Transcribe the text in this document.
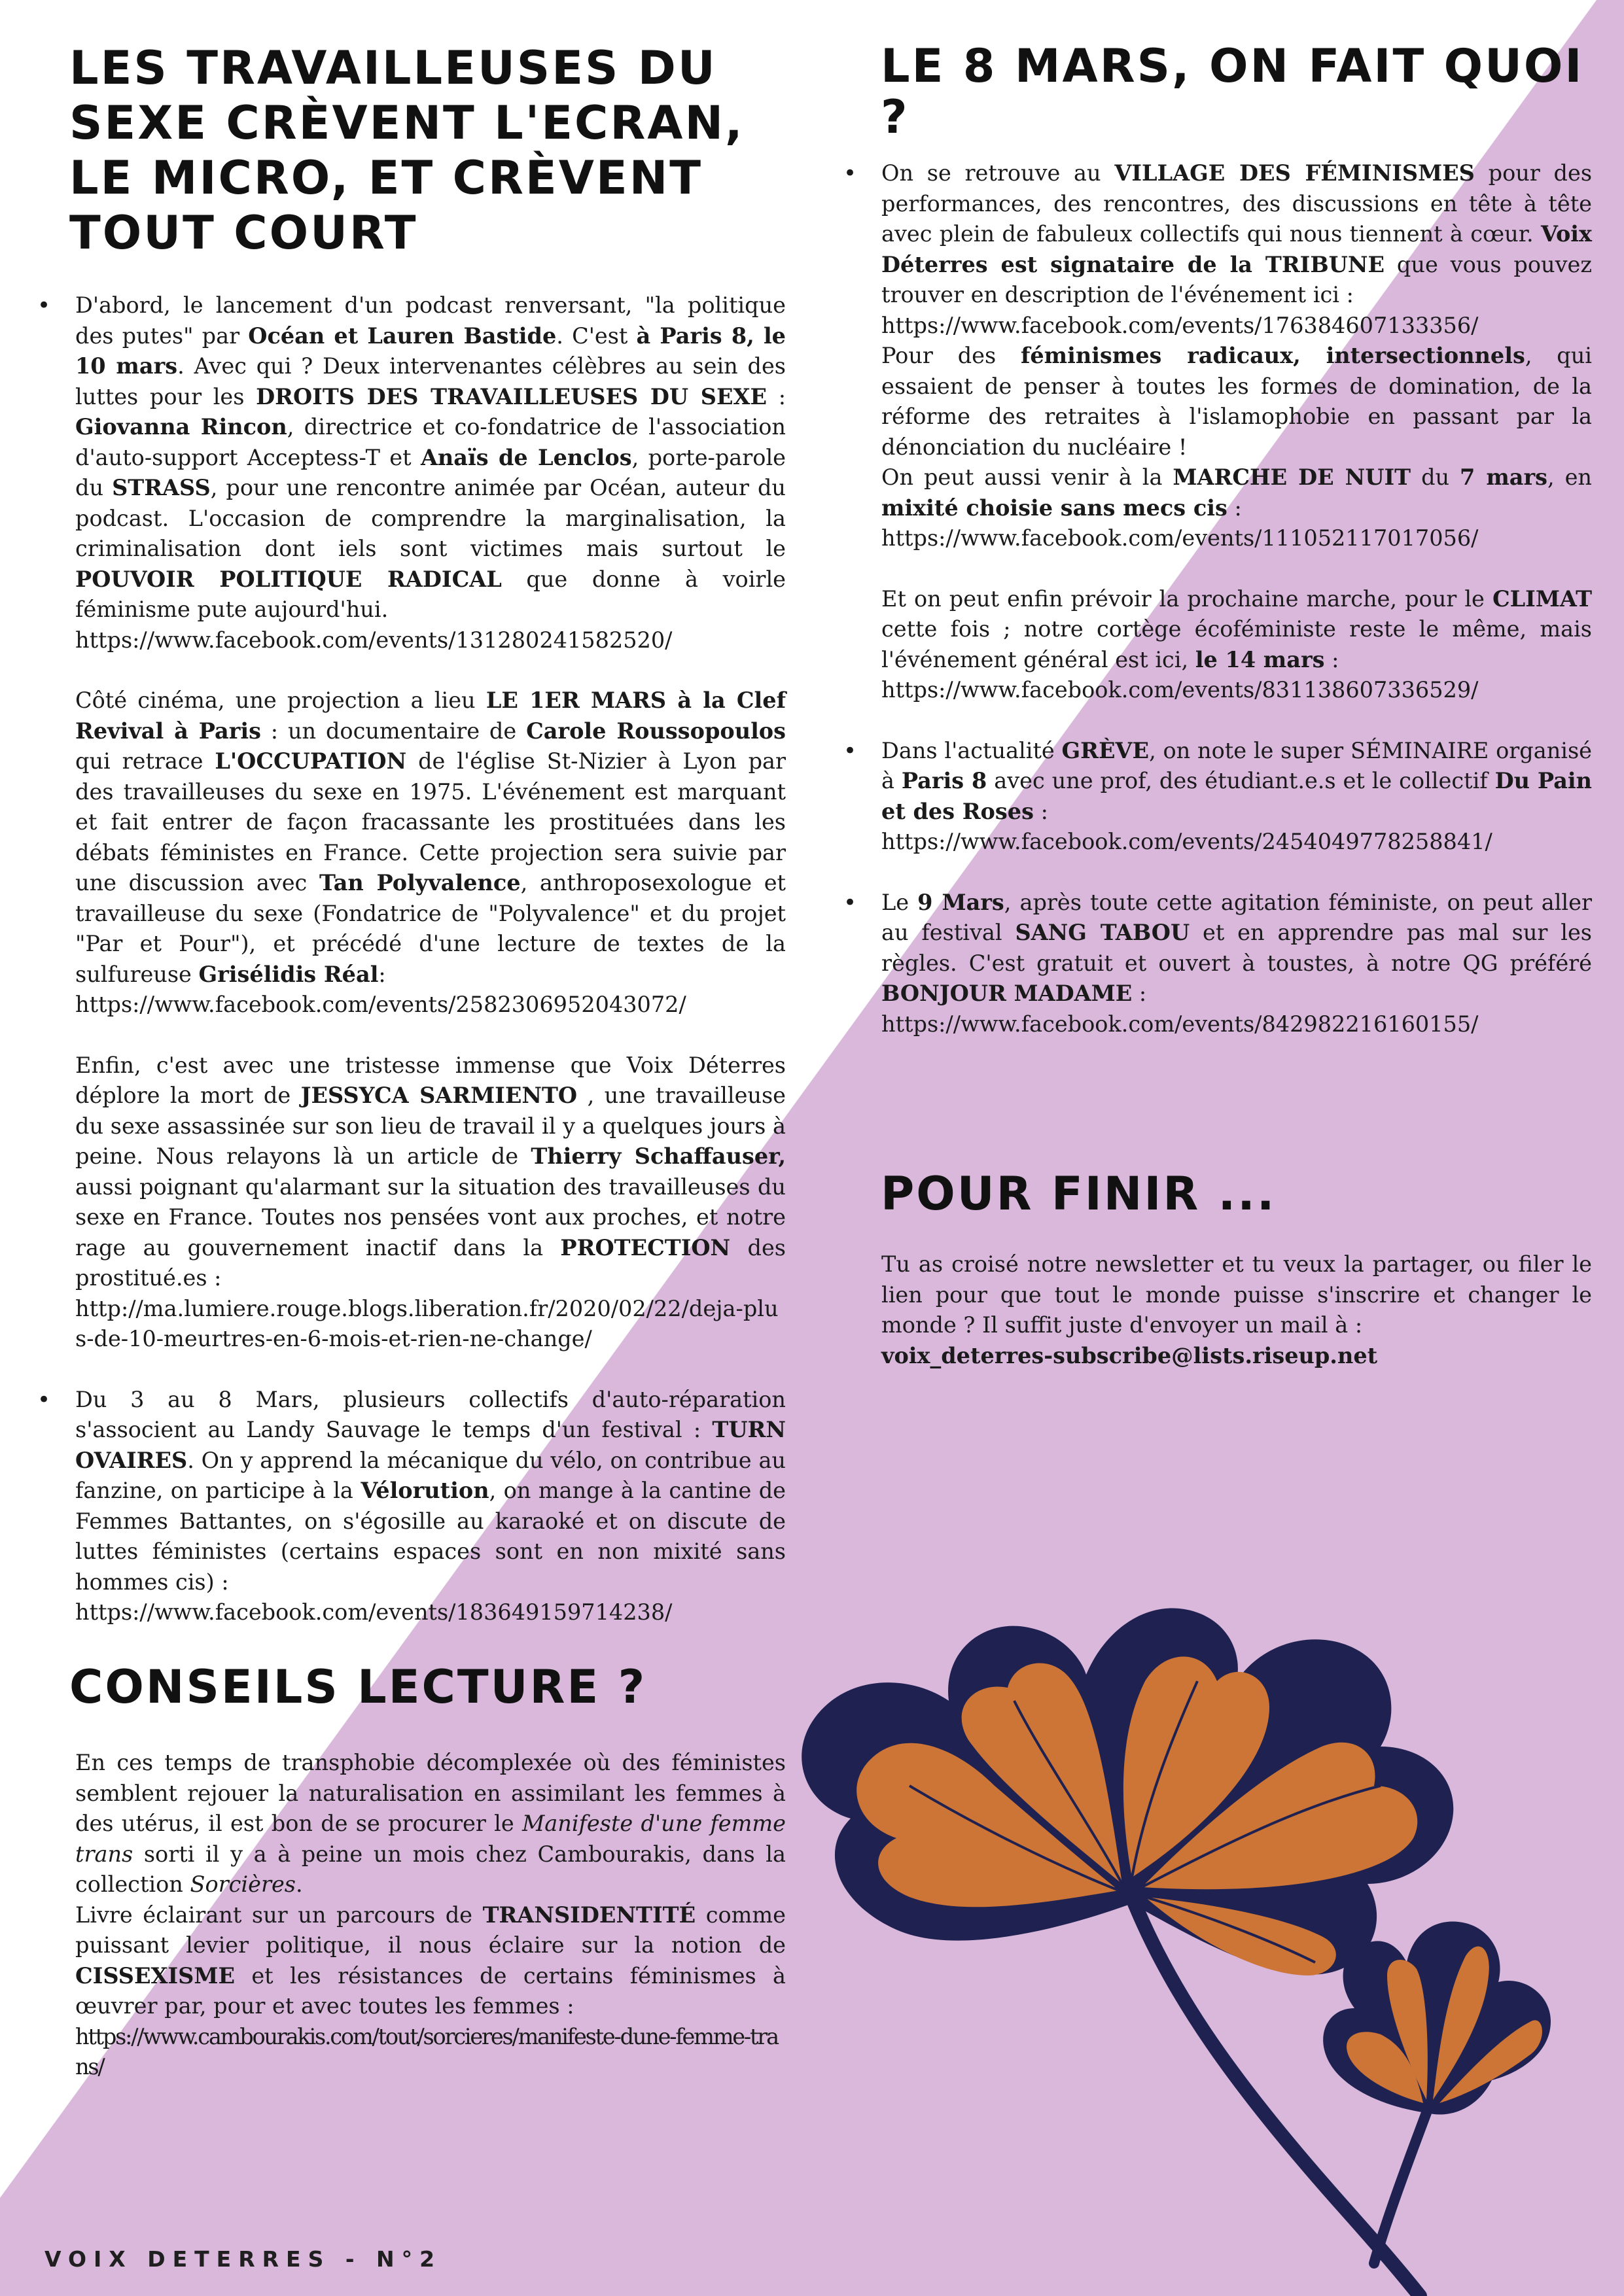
LES TRAVAILLEUSES DU
SEXE CRÈVENT L'ECRAN,
LE MICRO, ET CRÈVENT
TOUT COURT
• D'abord, le lancement d'un podcast renversant, "la politique des putes" par Océan et Lauren Bastide. C'est à Paris 8, le 10 mars. Avec qui ? Deux intervenantes célèbres au sein des luttes pour les DROITS DES TRAVAILLEUSES DU SEXE : Giovanna Rincon, directrice et co-fondatrice de l'association d'auto-support Acceptess-T et Anaïs de Lenclos, porte-parole du STRASS, pour une rencontre animée par Océan, auteur du podcast. L'occasion de comprendre la marginalisation, la criminalisation dont iels sont victimes mais surtout le POUVOIR POLITIQUE RADICAL que donne à voirle féminisme pute aujourd'hui.
https://www.facebook.com/events/131280241582520/
Côté cinéma, une projection a lieu LE 1ER MARS à la Clef Revival à Paris : un documentaire de Carole Roussopoulos qui retrace L'OCCUPATION de l'église St-Nizier à Lyon par des travailleuses du sexe en 1975. L'événement est marquant et fait entrer de façon fracassante les prostituées dans les débats féministes en France. Cette projection sera suivie par une discussion avec Tan Polyvalence, anthroposexologue et travailleuse du sexe (Fondatrice de "Polyvalence" et du projet "Par et Pour"), et précédé d'une lecture de textes de la sulfureuse Grisélidis Réal:
https://www.facebook.com/events/2582306952043072/
Enfin, c'est avec une tristesse immense que Voix Déterres déplore la mort de JESSYCA SARMIENTO , une travailleuse du sexe assassinée sur son lieu de travail il y a quelques jours à peine. Nous relayons là un article de Thierry Schaffauser, aussi poignant qu'alarmant sur la situation des travailleuses du sexe en France. Toutes nos pensées vont aux proches, et notre rage au gouvernement inactif dans la PROTECTION des prostitué.es :
http://ma.lumiere.rouge.blogs.liberation.fr/2020/02/22/deja-plus-de-10-meurtres-en-6-mois-et-rien-ne-change/
• Du 3 au 8 Mars, plusieurs collectifs d'auto-réparation s'associent au Landy Sauvage le temps d'un festival : TURN OVAIRES. On y apprend la mécanique du vélo, on contribue au fanzine, on participe à la Vélorution, on mange à la cantine de Femmes Battantes, on s'égosille au karaoké et on discute de luttes féministes (certains espaces sont en non mixité sans hommes cis) :
https://www.facebook.com/events/183649159714238/
CONSEILS LECTURE ?
En ces temps de transphobie décomplexée où des féministes semblent rejouer la naturalisation en assimilant les femmes à des utérus, il est bon de se procurer le Manifeste d'une femme trans sorti il y a à peine un mois chez Cambourakis, dans la collection Sorcières.
Livre éclairant sur un parcours de TRANSIDENTITÉ comme puissant levier politique, il nous éclaire sur la notion de CISSEXISME et les résistances de certains féminismes à œuvrer par, pour et avec toutes les femmes :
https://www.cambourakis.com/tout/sorcieres/manifeste-dune-femme-trans/
LE 8 MARS, ON FAIT QUOI ?
• On se retrouve au VILLAGE DES FÉMINISMES pour des performances, des rencontres, des discussions en tête à tête avec plein de fabuleux collectifs qui nous tiennent à cœur. Voix Déterres est signataire de la TRIBUNE que vous pouvez trouver en description de l'événement ici :
https://www.facebook.com/events/176384607133356/
Pour des féminismes radicaux, intersectionnels, qui essaient de penser à toutes les formes de domination, de la réforme des retraites à l'islamophobie en passant par la dénonciation du nucléaire !
On peut aussi venir à la MARCHE DE NUIT du 7 mars, en mixité choisie sans mecs cis :
https://www.facebook.com/events/111052117017056/
Et on peut enfin prévoir la prochaine marche, pour le CLIMAT cette fois ; notre cortège écoféministe reste le même, mais l'événement général est ici, le 14 mars :
https://www.facebook.com/events/831138607336529/
• Dans l'actualité GRÈVE, on note le super SÉMINAIRE organisé à Paris 8 avec une prof, des étudiant.e.s et le collectif Du Pain et des Roses :
https://www.facebook.com/events/2454049778258841/
• Le 9 Mars, après toute cette agitation féministe, on peut aller au festival SANG TABOU et en apprendre pas mal sur les règles. C'est gratuit et ouvert à toustes, à notre QG préféré BONJOUR MADAME :
https://www.facebook.com/events/842982216160155/
POUR FINIR ...
Tu as croisé notre newsletter et tu veux la partager, ou filer le lien pour que tout le monde puisse s'inscrire et changer le monde ? Il suffit juste d'envoyer un mail à :
voix_deterres-subscribe@lists.riseup.net
VOIX DETERRES - N°2
